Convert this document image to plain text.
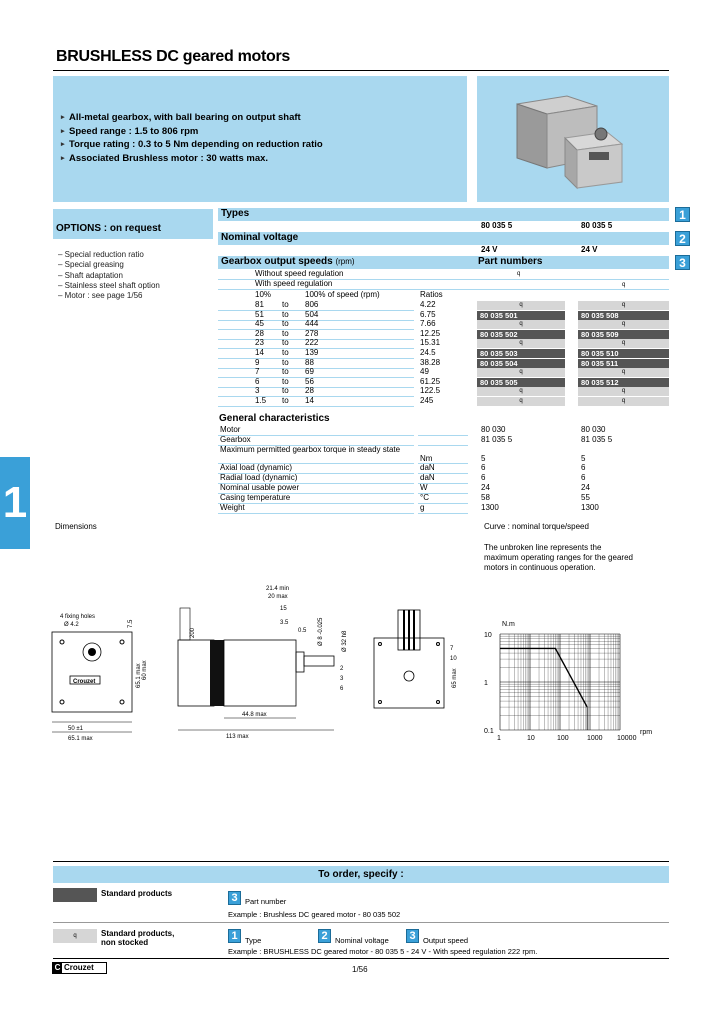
BRUSHLESS DC geared motors
▸ All-metal gearbox, with ball bearing on output shaft
▸ Speed range : 1.5 to 806 rpm
▸ Torque rating : 0.3 to 5 Nm depending on reduction ratio
▸ Associated Brushless motor : 30 watts max.
OPTIONS : on request
– Special reduction ratio
– Special greasing
– Shaft adaptation
– Stainless steel shaft option
– Motor : see page 1/56
Types
80 035 5	80 035 5
Nominal voltage
24 V	24 V
Gearbox output speeds (rpm)	Part numbers
1
2
3
Without speed regulation	q
With speed regulation	q
10%	100% of speed (rpm)	Ratios
81 to 806	4.22	q	q
51 to 504	6.75	80 035 501	80 035 508
45 to 444	7.66	q	q
28 to 278	12.25	80 035 502	80 035 509
23 to 222	15.31	q	q
14 to 139	24.5	80 035 503	80 035 510
9	to 88	38.28	80 035 504	80 035 511
7	to 69	49	q	q
6	to 56	61.25	80 035 505	80 035 512
3	to 28	122.5	q	q
1.5 to 14	245	q	q
General characteristics
Motor	80 030	80 030
Gearbox	81 035 5	81 035 5
Maximum permitted gearbox torque in steady state
Nm	5	5
Axial load (dynamic)	daN	6	6
Radial load (dynamic)	daN	6	6
Nominal usable power	W	24	24
Casing temperature	°C	58	55
Weight	g	1300	1300
1	Dimensions	Curve : nominal torque/speed
The unbroken line represents the maximum operating ranges for the geared motors in continuous operation.
Crouzet
50 ±1
65.1 max
4 fixing holes
Ø 4.2
65.1 max
44.8 max
113 max
21.4 min
20 max
15
3.5
0.5
200
7.5
60 max
Ø 8 -0.025	Ø 32 h8
2
3
6
65 max
7
10
1	10	100	1000 10000
10
1
0.1
N.m
rpm
To order, specify :
Standard products	3 Part number
Example : Brushless DC geared motor - 80 035 502
q	Standard products, non stocked
1 Type	2 Nominal voltage	3 Output speed
Example : BRUSHLESS DC geared motor - 80 035 5 - 24 V - With speed regulation 222 rpm.
C Crouzet	1/56
